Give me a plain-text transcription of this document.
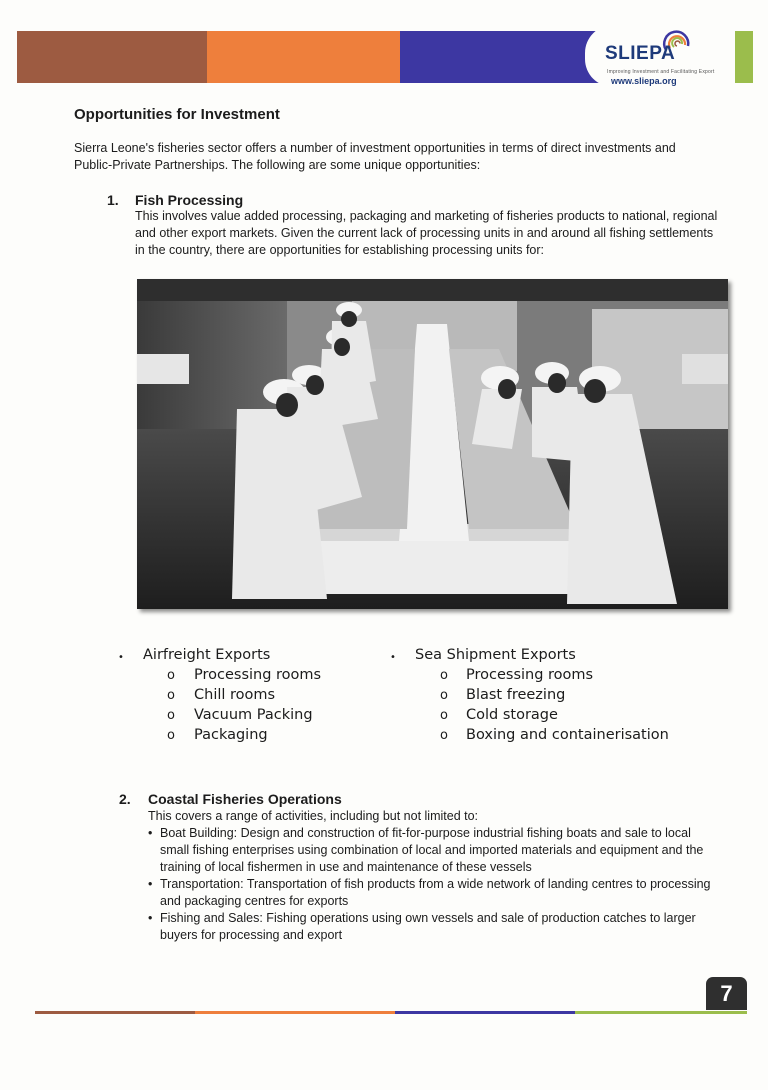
SLIEPA
Improving Investment and Facilitating Export
www.sliepa.org
Opportunities for Investment
Sierra Leone's fisheries sector offers a number of investment opportunities in terms of direct investments and Public-Private Partnerships. The following are some unique opportunities:
1. Fish Processing
This involves value added processing, packaging and marketing of fisheries products to national, regional and other export markets. Given the current lack of processing units in and around all fishing settlements in the country, there are opportunities for establishing processing units for:
• Airfreight Exports
o Processing rooms
o Chill rooms
o Vacuum Packing
o Packaging
• Sea Shipment Exports
o Processing rooms
o Blast freezing
o Cold storage
o Boxing and containerisation
2. Coastal Fisheries Operations
This covers a range of activities, including but not limited to:
• Boat Building: Design and construction of fit-for-purpose industrial fishing boats and sale to local small fishing enterprises using combination of local and imported materials and equipment and the training of local fishermen in use and maintenance of these vessels
• Transportation: Transportation of fish products from a wide network of landing centres to processing and packaging centres for exports
• Fishing and Sales: Fishing operations using own vessels and sale of production catches to larger buyers for processing and export
7
